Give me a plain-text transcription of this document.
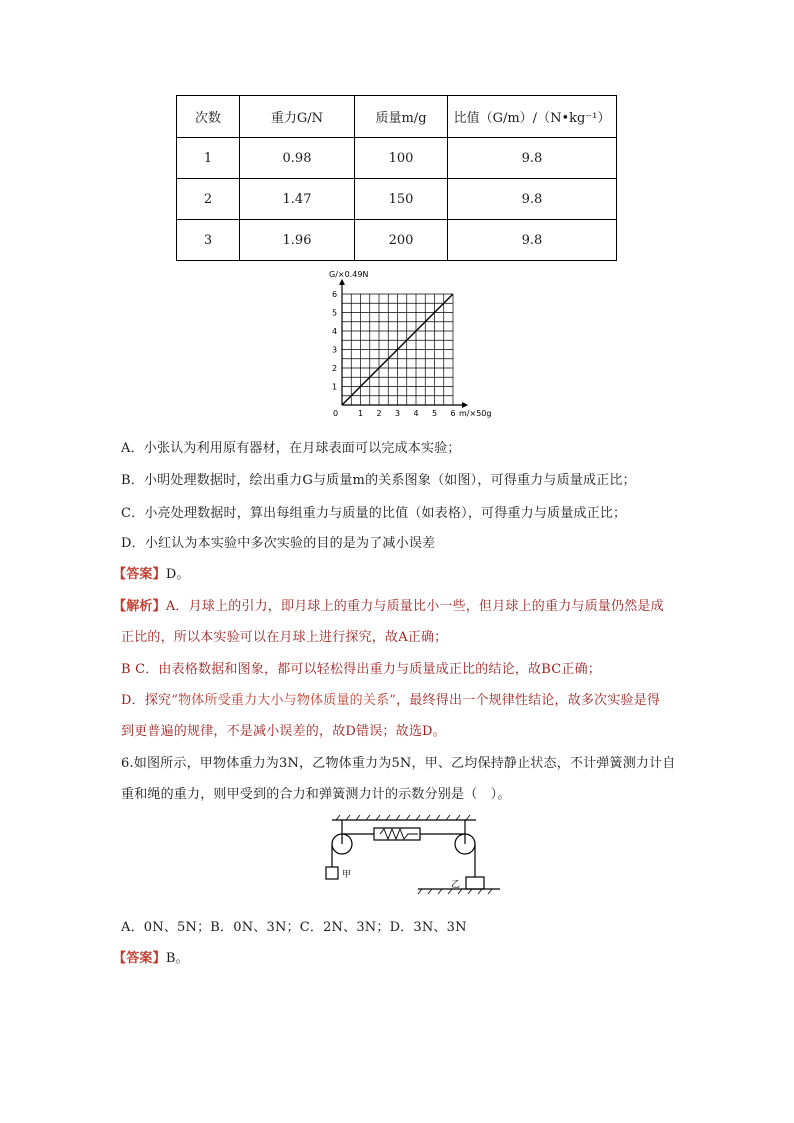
次数	重力G/N	质量m/g	比值（G/m）/（N•kg⁻¹）
1	0.98	100	9.8
2	1.47	150	9.8
3	1.96	200	9.8
1 2 3 4 5 6
1
2
3
4
5
6
0
G/×0.49N
m/×50g
A．小张认为利用原有器材，在月球表面可以完成本实验；
B．小明处理数据时，绘出重力G与质量m的关系图象（如图），可得重力与质量成正比；
C．小亮处理数据时，算出每组重力与质量的比值（如表格），可得重力与质量成正比；
D．小红认为本实验中多次实验的目的是为了减小误差
【答案】D。
【解析】A．月球上的引力，即月球上的重力与质量比小一些，但月球上的重力与质量仍然是成
正比的，所以本实验可以在月球上进行探究，故A正确；
B C．由表格数据和图象，都可以轻松得出重力与质量成正比的结论，故BC正确；
D．探究“物体所受重力大小与物体质量的关系”，最终得出一个规律性结论，故多次实验是得
到更普遍的规律，不是减小误差的，故D错误；故选D。
6.如图所示，甲物体重力为3N，乙物体重力为5N，甲、乙均保持静止状态，不计弹簧测力计自
重和绳的重力，则甲受到的合力和弹簧测力计的示数分别是（　）。
甲
乙
A．0N、5N；B．0N、3N；C．2N、3N；D．3N、3N
【答案】B。
